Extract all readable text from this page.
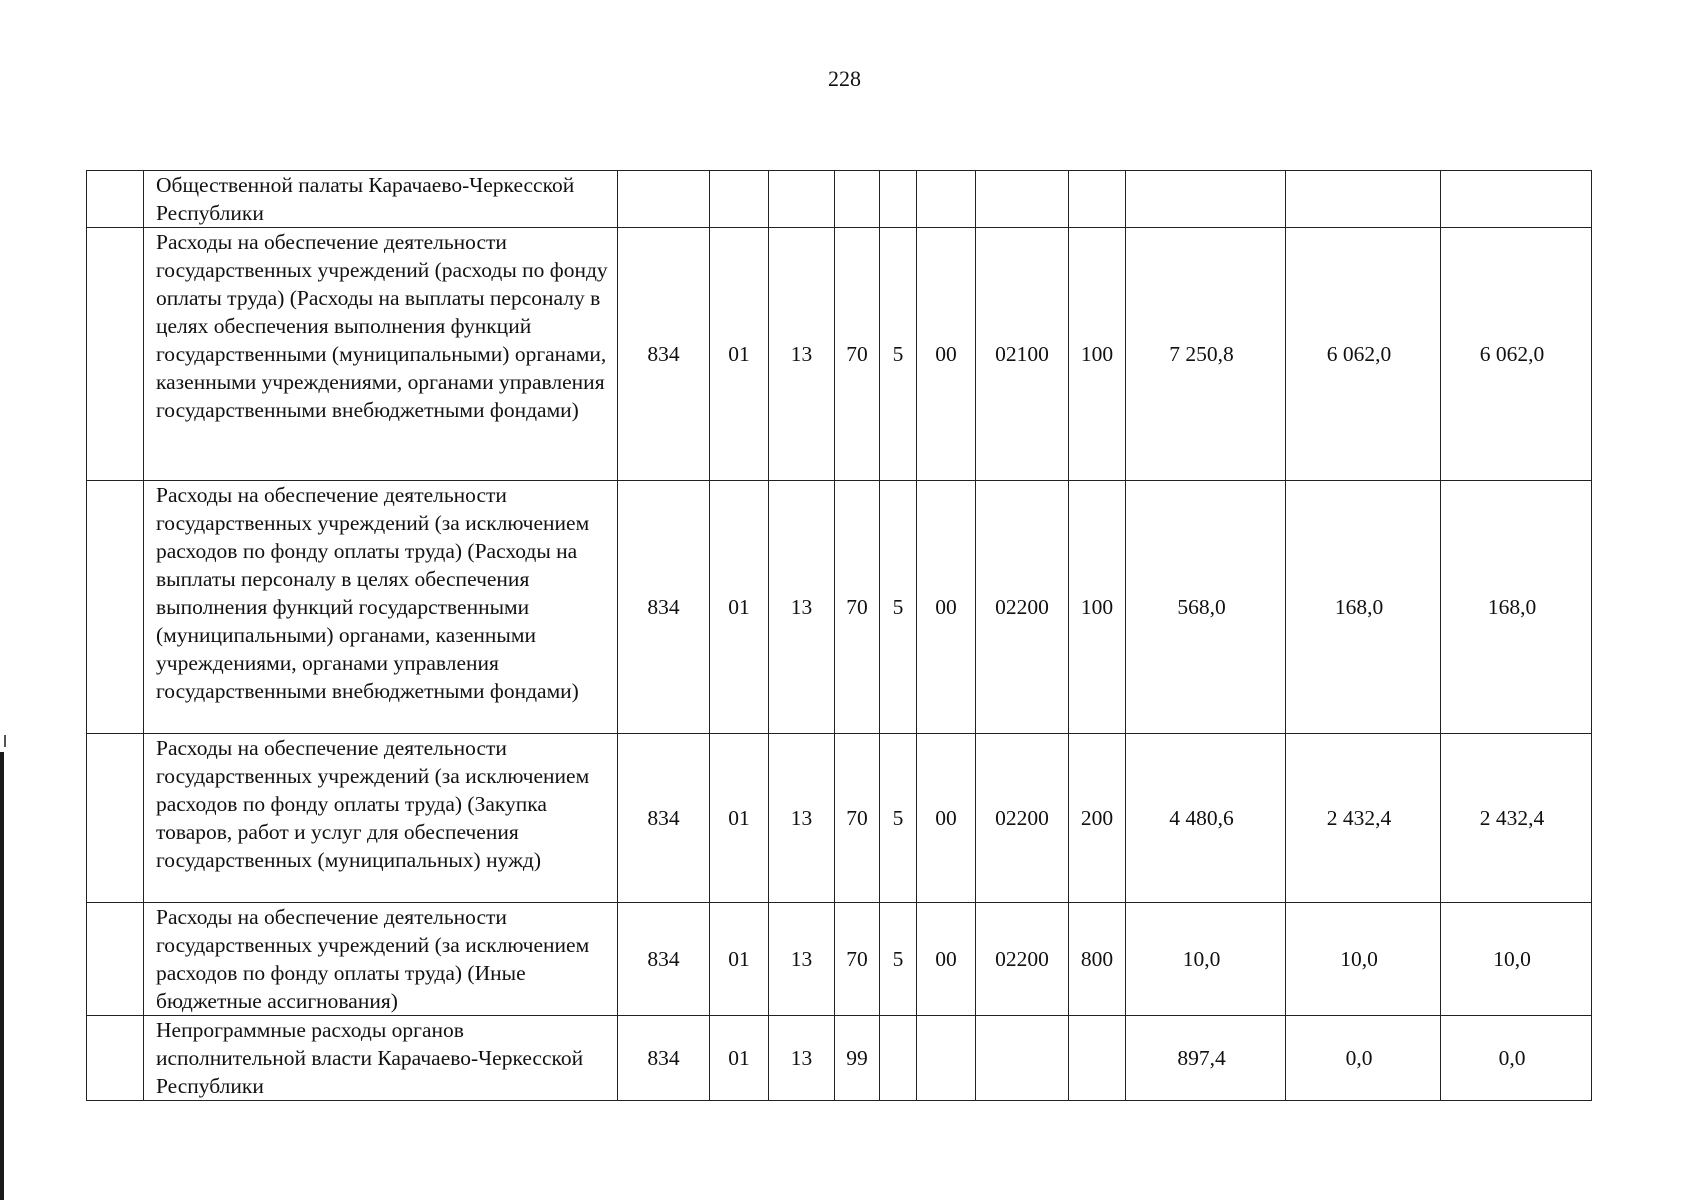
228
	Общественной палаты Карачаево-Черкесской Республики											
	Расходы на обеспечение деятельности государственных учреждений (расходы по фонду оплаты труда) (Расходы на выплаты персоналу в целях обеспечения выполнения функций государственными (муниципальными) органами, казенными учреждениями, органами управления государственными внебюджетными фондами)	834	01	13	70	5	00	02100	100	7 250,8	6 062,0	6 062,0
	Расходы на обеспечение деятельности государственных учреждений (за исключением расходов по фонду оплаты труда) (Расходы на выплаты персоналу в целях обеспечения выполнения функций государственными (муниципальными) органами, казенными учреждениями, органами управления государственными внебюджетными фондами)	834	01	13	70	5	00	02200	100	568,0	168,0	168,0
	Расходы на обеспечение деятельности государственных учреждений (за исключением расходов по фонду оплаты труда) (Закупка товаров, работ и услуг для обеспечения государственных (муниципальных) нужд)	834	01	13	70	5	00	02200	200	4 480,6	2 432,4	2 432,4
	Расходы на обеспечение деятельности государственных учреждений (за исключением расходов по фонду оплаты труда) (Иные бюджетные ассигнования)	834	01	13	70	5	00	02200	800	10,0	10,0	10,0
	Непрограммные расходы органов исполнительной власти Карачаево-Черкесской Республики	834	01	13	99					897,4	0,0	0,0
